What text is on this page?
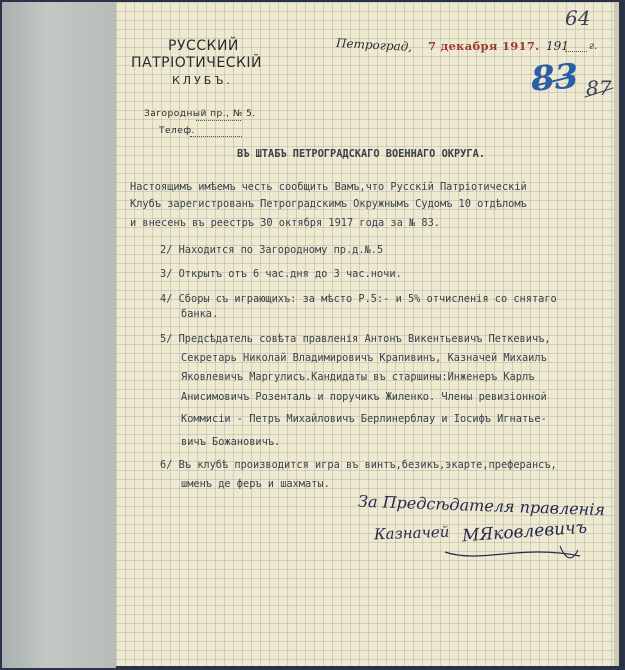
РУССКИЙ
ПАТРІОТИЧЕСКІЙ
КЛУБЪ.
Загородный пр., № 5.
Телеф.
Петроград, 7 декабря 1917. 191 г.
64
83 87
ВЪ ШТАБЪ ПЕТРОГРАДСКАГО ВОЕННАГО ОКРУГА.
Настоящимъ имѣемъ честь сообщить Вамъ,что Русскiй Патрiотическiй
Клубъ зарегистрованъ Петроградскимъ Окружнымъ Судомъ 10 отдѣломъ
и внесенъ въ реестръ 30 октября 1917 года за № 83.
2/ Находится по Загородному пр.д.№.5
3/ Открытъ отъ 6 час.дня до 3 час.ночи.
4/ Сборы съ играющихъ: за мѣсто Р.5:- и 5% отчисленiя со снятаго
банка.
5/ Предсѣдатель совѣта правленiя Антонъ Викентьевичъ Петкевичъ,
Секретарь Николай Владимировичъ Крапивинъ, Казначей Михаилъ
Яковлевичъ Маргулисъ.Кандидаты въ старшины:Инженеръ Карлъ
Анисимовичъ Розенталь и поручикъ Жиленко. Члены ревизiонной
Коммисiи - Петръ Михайловичъ Берлинерблау и Iосифъ Игнатье-
вичъ Божановичъ.
6/ Въ клубѣ производится игра въ винтъ,безикъ,экарте,преферансъ,
шменъ де феръ и шахматы.
За Предсѣдателя правленiя
Казначей МЯковлевичъ
